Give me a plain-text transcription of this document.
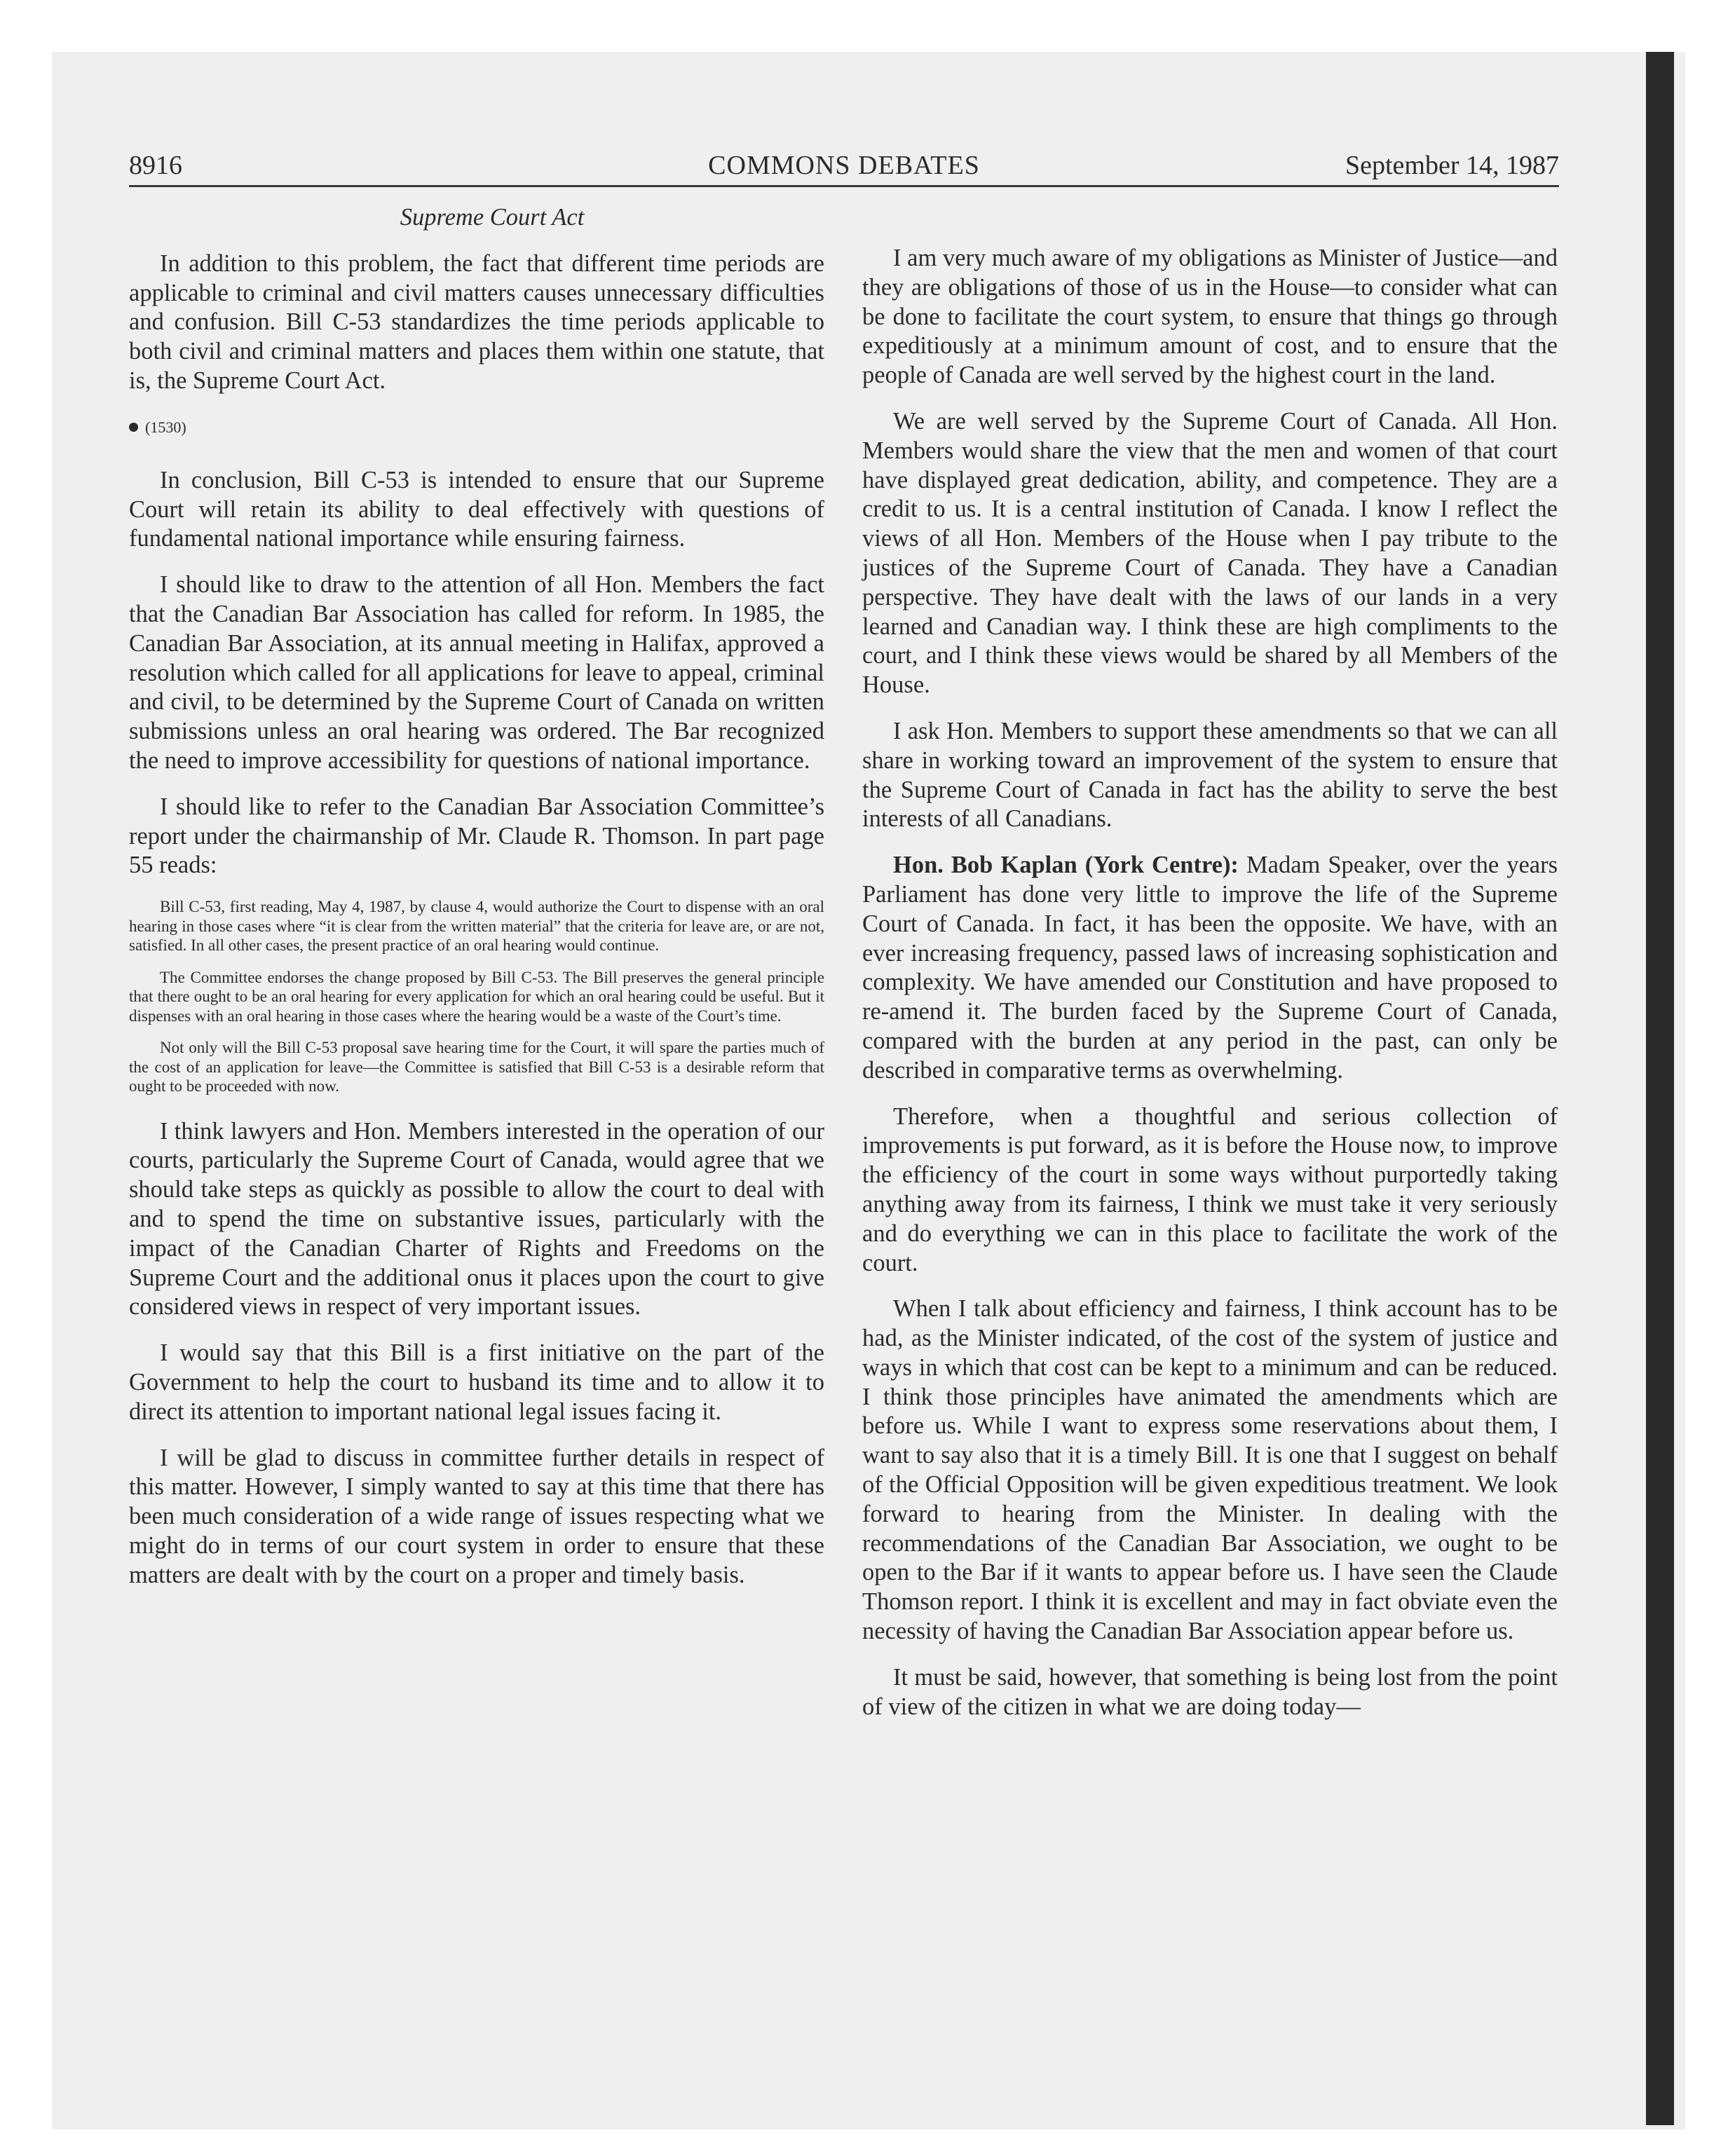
8916	COMMONS DEBATES	September 14, 1987

Supreme Court Act

In addition to this problem, the fact that different time periods are applicable to criminal and civil matters causes unnecessary difficulties and confusion. Bill C-53 standardizes the time periods applicable to both civil and criminal matters and places them within one statute, that is, the Supreme Court Act.

(1530)

In conclusion, Bill C-53 is intended to ensure that our Supreme Court will retain its ability to deal effectively with questions of fundamental national importance while ensuring fairness.

I should like to draw to the attention of all Hon. Members the fact that the Canadian Bar Association has called for reform. In 1985, the Canadian Bar Association, at its annual meeting in Halifax, approved a resolution which called for all applications for leave to appeal, criminal and civil, to be determined by the Supreme Court of Canada on written submissions unless an oral hearing was ordered. The Bar recognized the need to improve accessibility for questions of national importance.

I should like to refer to the Canadian Bar Association Committee’s report under the chairmanship of Mr. Claude R. Thomson. In part page 55 reads:

Bill C-53, first reading, May 4, 1987, by clause 4, would authorize the Court to dispense with an oral hearing in those cases where “it is clear from the written material” that the criteria for leave are, or are not, satisfied. In all other cases, the present practice of an oral hearing would continue.

The Committee endorses the change proposed by Bill C-53. The Bill preserves the general principle that there ought to be an oral hearing for every application for which an oral hearing could be useful. But it dispenses with an oral hearing in those cases where the hearing would be a waste of the Court’s time.

Not only will the Bill C-53 proposal save hearing time for the Court, it will spare the parties much of the cost of an application for leave—the Committee is satisfied that Bill C-53 is a desirable reform that ought to be proceeded with now.

I think lawyers and Hon. Members interested in the operation of our courts, particularly the Supreme Court of Canada, would agree that we should take steps as quickly as possible to allow the court to deal with and to spend the time on substantive issues, particularly with the impact of the Canadian Charter of Rights and Freedoms on the Supreme Court and the additional onus it places upon the court to give considered views in respect of very important issues.

I would say that this Bill is a first initiative on the part of the Government to help the court to husband its time and to allow it to direct its attention to important national legal issues facing it.

I will be glad to discuss in committee further details in respect of this matter. However, I simply wanted to say at this time that there has been much consideration of a wide range of issues respecting what we might do in terms of our court system in order to ensure that these matters are dealt with by the court on a proper and timely basis.

I am very much aware of my obligations as Minister of Justice—and they are obligations of those of us in the House—to consider what can be done to facilitate the court system, to ensure that things go through expeditiously at a minimum amount of cost, and to ensure that the people of Canada are well served by the highest court in the land.

We are well served by the Supreme Court of Canada. All Hon. Members would share the view that the men and women of that court have displayed great dedication, ability, and competence. They are a credit to us. It is a central institution of Canada. I know I reflect the views of all Hon. Members of the House when I pay tribute to the justices of the Supreme Court of Canada. They have a Canadian perspective. They have dealt with the laws of our lands in a very learned and Canadian way. I think these are high compliments to the court, and I think these views would be shared by all Members of the House.

I ask Hon. Members to support these amendments so that we can all share in working toward an improvement of the system to ensure that the Supreme Court of Canada in fact has the ability to serve the best interests of all Canadians.

Hon. Bob Kaplan (York Centre): Madam Speaker, over the years Parliament has done very little to improve the life of the Supreme Court of Canada. In fact, it has been the opposite. We have, with an ever increasing frequency, passed laws of increasing sophistication and complexity. We have amended our Constitution and have proposed to re-amend it. The burden faced by the Supreme Court of Canada, compared with the burden at any period in the past, can only be described in comparative terms as overwhelming.

Therefore, when a thoughtful and serious collection of improvements is put forward, as it is before the House now, to improve the efficiency of the court in some ways without purportedly taking anything away from its fairness, I think we must take it very seriously and do everything we can in this place to facilitate the work of the court.

When I talk about efficiency and fairness, I think account has to be had, as the Minister indicated, of the cost of the system of justice and ways in which that cost can be kept to a minimum and can be reduced. I think those principles have animated the amendments which are before us. While I want to express some reservations about them, I want to say also that it is a timely Bill. It is one that I suggest on behalf of the Official Opposition will be given expeditious treatment. We look forward to hearing from the Minister. In dealing with the recommendations of the Canadian Bar Association, we ought to be open to the Bar if it wants to appear before us. I have seen the Claude Thomson report. I think it is excellent and may in fact obviate even the necessity of having the Canadian Bar Association appear before us.

It must be said, however, that something is being lost from the point of view of the citizen in what we are doing today—
